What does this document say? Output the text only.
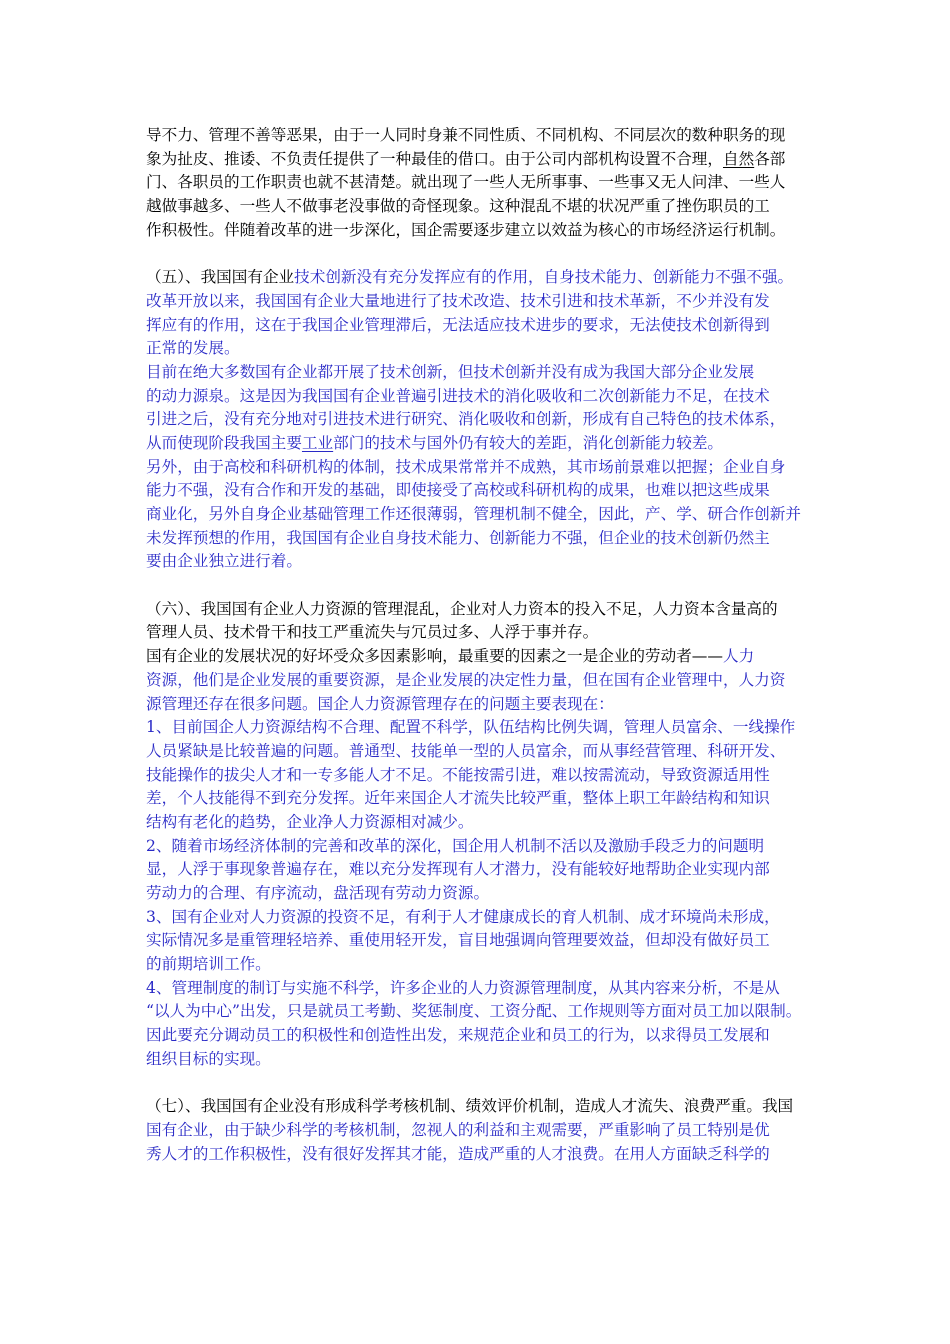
导不力、管理不善等恶果，由于一人同时身兼不同性质、不同机构、不同层次的数种职务的现
象为扯皮、推诿、不负责任提供了一种最佳的借口。由于公司内部机构设置不合理，自然各部
门、各职员的工作职责也就不甚清楚。就出现了一些人无所事事、一些事又无人问津、一些人
越做事越多、一些人不做事老没事做的奇怪现象。这种混乱不堪的状况严重了挫伤职员的工
作积极性。伴随着改革的进一步深化，国企需要逐步建立以效益为核心的市场经济运行机制。
（五）、我国国有企业技术创新没有充分发挥应有的作用，自身技术能力、创新能力不强不强。
改革开放以来，我国国有企业大量地进行了技术改造、技术引进和技术革新，不少并没有发
挥应有的作用，这在于我国企业管理滞后，无法适应技术进步的要求，无法使技术创新得到
正常的发展。
目前在绝大多数国有企业都开展了技术创新，但技术创新并没有成为我国大部分企业发展
的动力源泉。这是因为我国国有企业普遍引进技术的消化吸收和二次创新能力不足，在技术
引进之后，没有充分地对引进技术进行研究、消化吸收和创新，形成有自己特色的技术体系，
从而使现阶段我国主要工业部门的技术与国外仍有较大的差距，消化创新能力较差。
另外，由于高校和科研机构的体制，技术成果常常并不成熟，其市场前景难以把握；企业自身
能力不强，没有合作和开发的基础，即使接受了高校或科研机构的成果，也难以把这些成果
商业化，另外自身企业基础管理工作还很薄弱，管理机制不健全，因此，产、学、研合作创新并
未发挥预想的作用，我国国有企业自身技术能力、创新能力不强，但企业的技术创新仍然主
要由企业独立进行着。
（六）、我国国有企业人力资源的管理混乱，企业对人力资本的投入不足，人力资本含量高的
管理人员、技术骨干和技工严重流失与冗员过多、人浮于事并存。
国有企业的发展状况的好坏受众多因素影响，最重要的因素之一是企业的劳动者——人力
资源，他们是企业发展的重要资源，是企业发展的决定性力量，但在国有企业管理中，人力资
源管理还存在很多问题。国企人力资源管理存在的问题主要表现在：
1、目前国企人力资源结构不合理、配置不科学，队伍结构比例失调，管理人员富余、一线操作
人员紧缺是比较普遍的问题。普通型、技能单一型的人员富余，而从事经营管理、科研开发、
技能操作的拔尖人才和一专多能人才不足。不能按需引进，难以按需流动，导致资源适用性
差，个人技能得不到充分发挥。近年来国企人才流失比较严重，整体上职工年龄结构和知识
结构有老化的趋势，企业净人力资源相对减少。
2、随着市场经济体制的完善和改革的深化，国企用人机制不活以及激励手段乏力的问题明
显，人浮于事现象普遍存在，难以充分发挥现有人才潜力，没有能较好地帮助企业实现内部
劳动力的合理、有序流动，盘活现有劳动力资源。
3、国有企业对人力资源的投资不足，有利于人才健康成长的育人机制、成才环境尚未形成，
实际情况多是重管理轻培养、重使用轻开发，盲目地强调向管理要效益，但却没有做好员工
的前期培训工作。
4、管理制度的制订与实施不科学，许多企业的人力资源管理制度，从其内容来分析，不是从
“以人为中心”出发，只是就员工考勤、奖惩制度、工资分配、工作规则等方面对员工加以限制。
因此要充分调动员工的积极性和创造性出发，来规范企业和员工的行为，以求得员工发展和
组织目标的实现。
（七）、我国国有企业没有形成科学考核机制、绩效评价机制，造成人才流失、浪费严重。我国
国有企业，由于缺少科学的考核机制，忽视人的利益和主观需要，严重影响了员工特别是优
秀人才的工作积极性，没有很好发挥其才能，造成严重的人才浪费。在用人方面缺乏科学的
